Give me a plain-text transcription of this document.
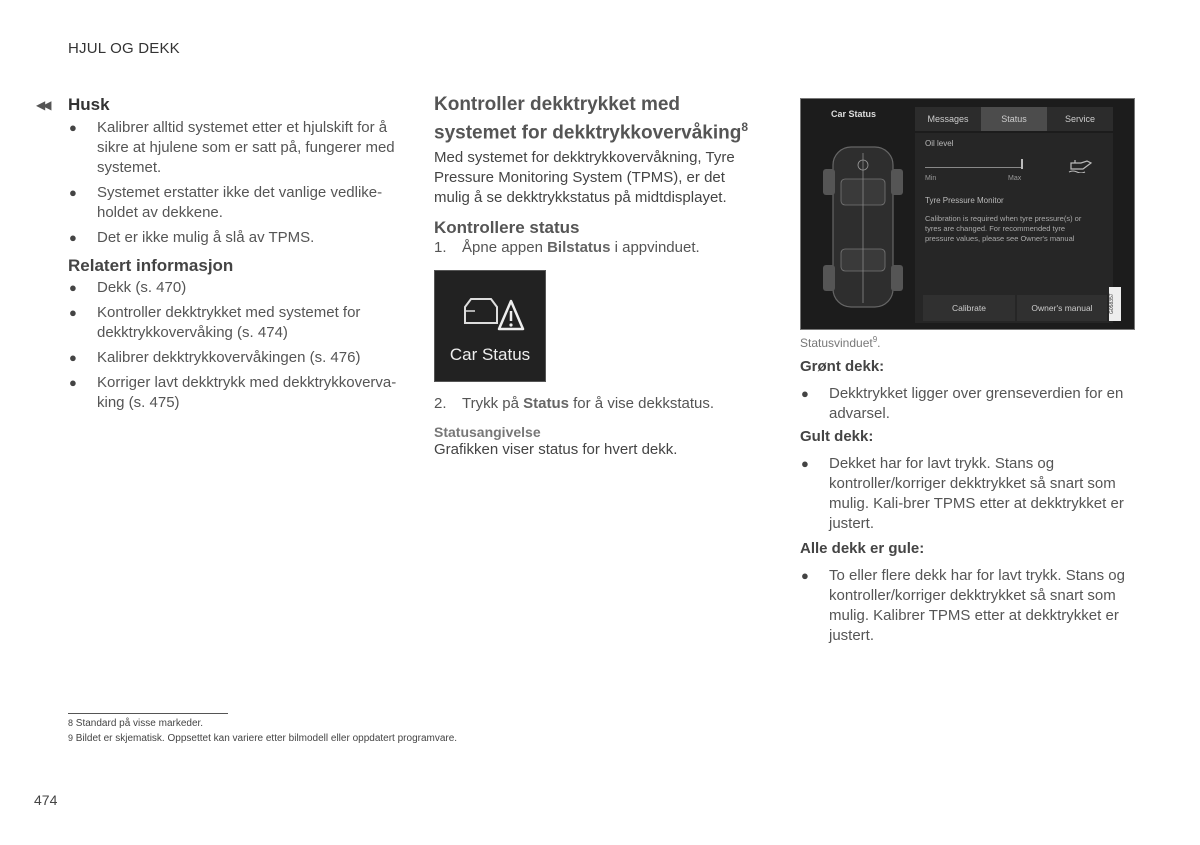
HJUL OG DEKK
◀◀	Husk
● Kalibrer alltid systemet etter et hjulskift for å sikre at hjulene som er satt på, fungerer med systemet.
● Systemet erstatter ikke det vanlige vedlike-holdet av dekkene.
● Det er ikke mulig å slå av TPMS.
Relatert informasjon
● Dekk (s. 470)
● Kontroller dekktrykket med systemet for dekktrykkovervåking (s. 474)
● Kalibrer dekktrykkovervåkingen (s. 476)
● Korriger lavt dekktrykk med dekktrykkoverva-king (s. 475)
Kontroller dekktrykket med systemet for dekktrykkovervåking$^8$
Med systemet for dekktrykkovervåkning, Tyre Pressure Monitoring System (TPMS), er det mulig å se dekktrykkstatus på midtdisplayet.
Kontrollere status
1.	Åpne appen Bilstatus i appvinduet.
Car Status
2.	Trykk på Status for å vise dekkstatus.
Statusangivelse
Grafikken viser status for hvert dekk.
Car Status	Messages	Status	Service
Oil level
Min	Max
Tyre Pressure Monitor
Calibration is required when tyre pressure(s) or tyres are changed. For recommended tyre pressure values, please see Owner's manual
Calibrate	Owner's manual	G058357
Statusvinduet$^9$.
Grønt dekk:
● Dekktrykket ligger over grenseverdien for en advarsel.
Gult dekk:
● Dekket har for lavt trykk. Stans og kontroller/korriger dekktrykket så snart som mulig. Kali-brer TPMS etter at dekktrykket er justert.
Alle dekk er gule:
● To eller flere dekk har for lavt trykk. Stans og kontroller/korriger dekktrykket så snart som mulig. Kalibrer TPMS etter at dekktrykket er justert.
8 Standard på visse markeder.
9 Bildet er skjematisk. Oppsettet kan variere etter bilmodell eller oppdatert programvare.
474
